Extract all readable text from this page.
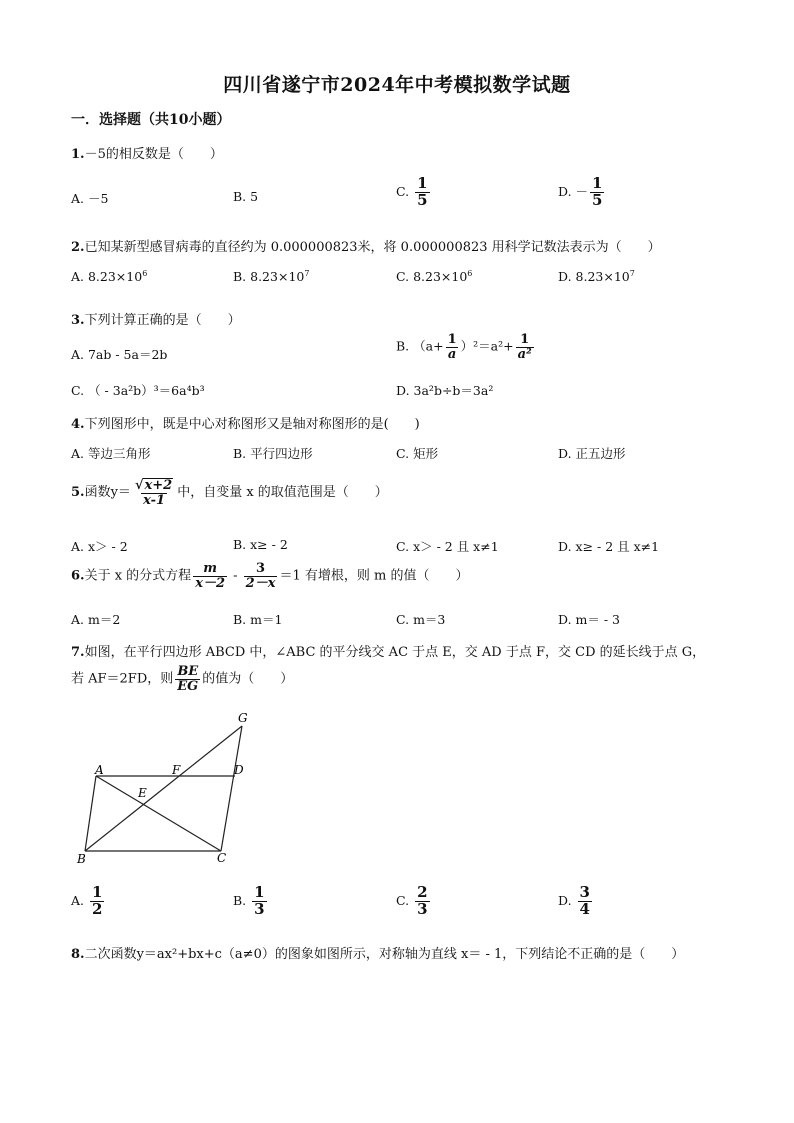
四川省遂宁市2024年中考模拟数学试题
一．选择题（共10小题）
1.－5的相反数是（　　）
A. －5	B. 5	C. $\frac{1}{5}$	D. － $\frac{1}{5}$
2.已知某新型感冒病毒的直径约为 0.000000823米，将 0.000000823 用科学记数法表示为（　　）
A. $8.23\times 10^6$	B. $8.23\times 10^7$	C. $8.23\times 10^6$	D. $8.23\times 10^7$
3.下列计算正确的是（　　）
A. 7ab - 5a＝2b
B. $(a+ \frac{1}{a} )^2=a^2+ \frac{1}{\text{a²}}$
C. （ - 3a²b）³＝6a⁴b³	D. 3a²b÷b＝3a²
4.下列图形中，既是中心对称图形又是轴对称图形的是(　　)
A. 等边三角形	B. 平行四边形	C. 矩形	D. 正五边形
5.函数$y= \frac{√x+2}{x-1}$ 中，自变量 x 的取值范围是（　　）
A. x＞ - 2	B. x≥ - 2	C. x＞ - 2 且 x≠1	D. x≥ - 2 且 x≠1
6.关于 x 的分式方程 $\frac{m}{x-2} - \frac{3}{2-x} =1$ 有增根，则 m 的值（　　）
A. m＝2	B. m＝1	C. m＝3	D. m＝ - 3
7.如图，在平行四边形 ABCD 中，∠ABC 的平分线交 AC 于点 E，交 AD 于点 F，交 CD 的延长线于点 G，
若 AF＝2FD，则 $\frac{BE}{EG}$ 的值为（　　）
G
A	F	D
E
B	C
A. $\frac{1}{2}$	B. $\frac{1}{3}$	C. $\frac{2}{3}$	D. $\frac{3}{4}$
8.二次函数y＝ax²+bx+c（a≠0）的图象如图所示，对称轴为直线 x＝ - 1，下列结论不正确的是（　　）
